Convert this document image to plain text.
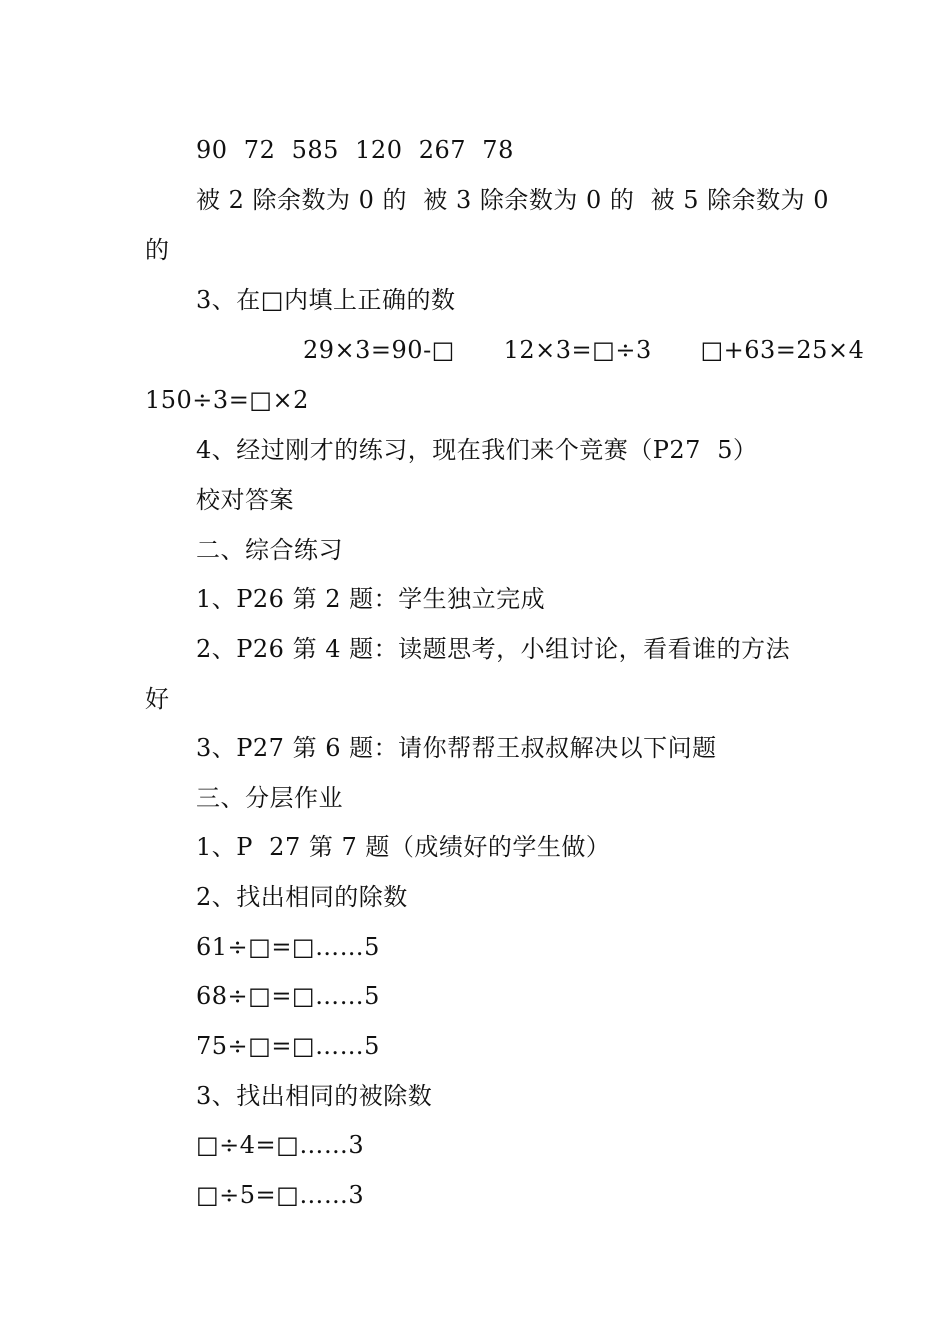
90  72  585  120  267  78
被 2 除余数为 0 的  被 3 除余数为 0 的  被 5 除余数为 0
的
3、在□内填上正确的数
29×3=90-□      12×3=□÷3      □+63=25×4
150÷3=□×2
4、经过刚才的练习，现在我们来个竞赛（P27  5）
校对答案
二、综合练习
1、P26 第 2 题：学生独立完成
2、P26 第 4 题：读题思考，小组讨论，看看谁的方法
好
3、P27 第 6 题：请你帮帮王叔叔解决以下问题
三、分层作业
1、P  27 第 7 题（成绩好的学生做）
2、找出相同的除数
61÷□=□……5
68÷□=□……5
75÷□=□……5
3、找出相同的被除数
□÷4=□……3
□÷5=□……3
